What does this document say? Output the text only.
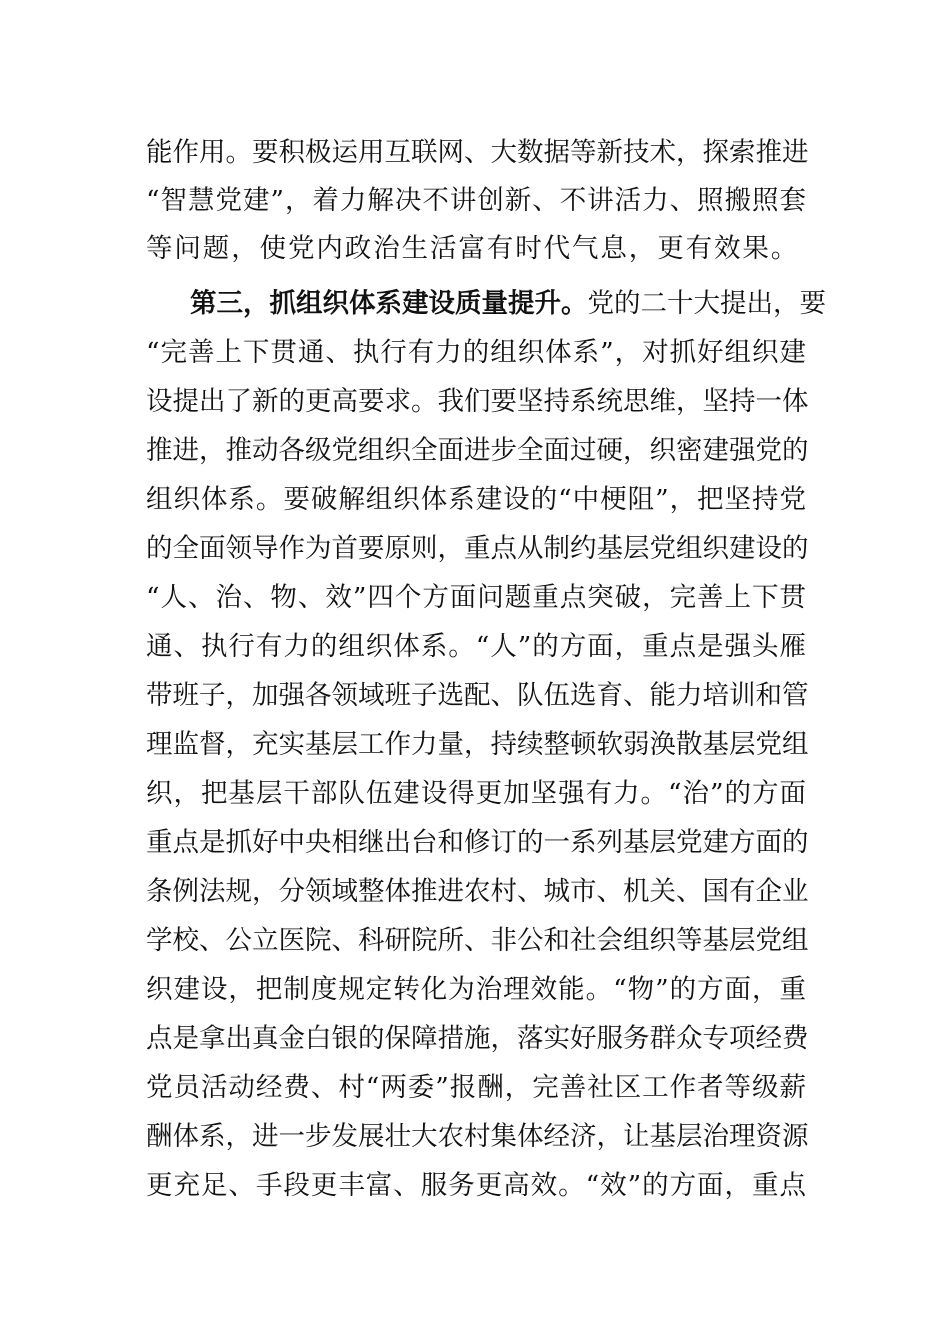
能作用。要积极运用互联网、大数据等新技术，探索推进
“智慧党建”，着力解决不讲创新、不讲活力、照搬照套
等问题，使党内政治生活富有时代气息，更有效果。
第三，抓组织体系建设质量提升。党的二十大提出，要
“完善上下贯通、执行有力的组织体系”，对抓好组织建
设提出了新的更高要求。我们要坚持系统思维，坚持一体
推进，推动各级党组织全面进步全面过硬，织密建强党的
组织体系。要破解组织体系建设的“中梗阻”，把坚持党
的全面领导作为首要原则，重点从制约基层党组织建设的
“人、治、物、效”四个方面问题重点突破，完善上下贯
通、执行有力的组织体系。“人”的方面，重点是强头雁
带班子，加强各领域班子选配、队伍选育、能力培训和管
理监督，充实基层工作力量，持续整顿软弱涣散基层党组
织，把基层干部队伍建设得更加坚强有力。“治”的方面
重点是抓好中央相继出台和修订的一系列基层党建方面的
条例法规，分领域整体推进农村、城市、机关、国有企业
学校、公立医院、科研院所、非公和社会组织等基层党组
织建设，把制度规定转化为治理效能。“物”的方面，重
点是拿出真金白银的保障措施，落实好服务群众专项经费
党员活动经费、村“两委”报酬，完善社区工作者等级薪
酬体系，进一步发展壮大农村集体经济，让基层治理资源
更充足、手段更丰富、服务更高效。“效”的方面，重点
